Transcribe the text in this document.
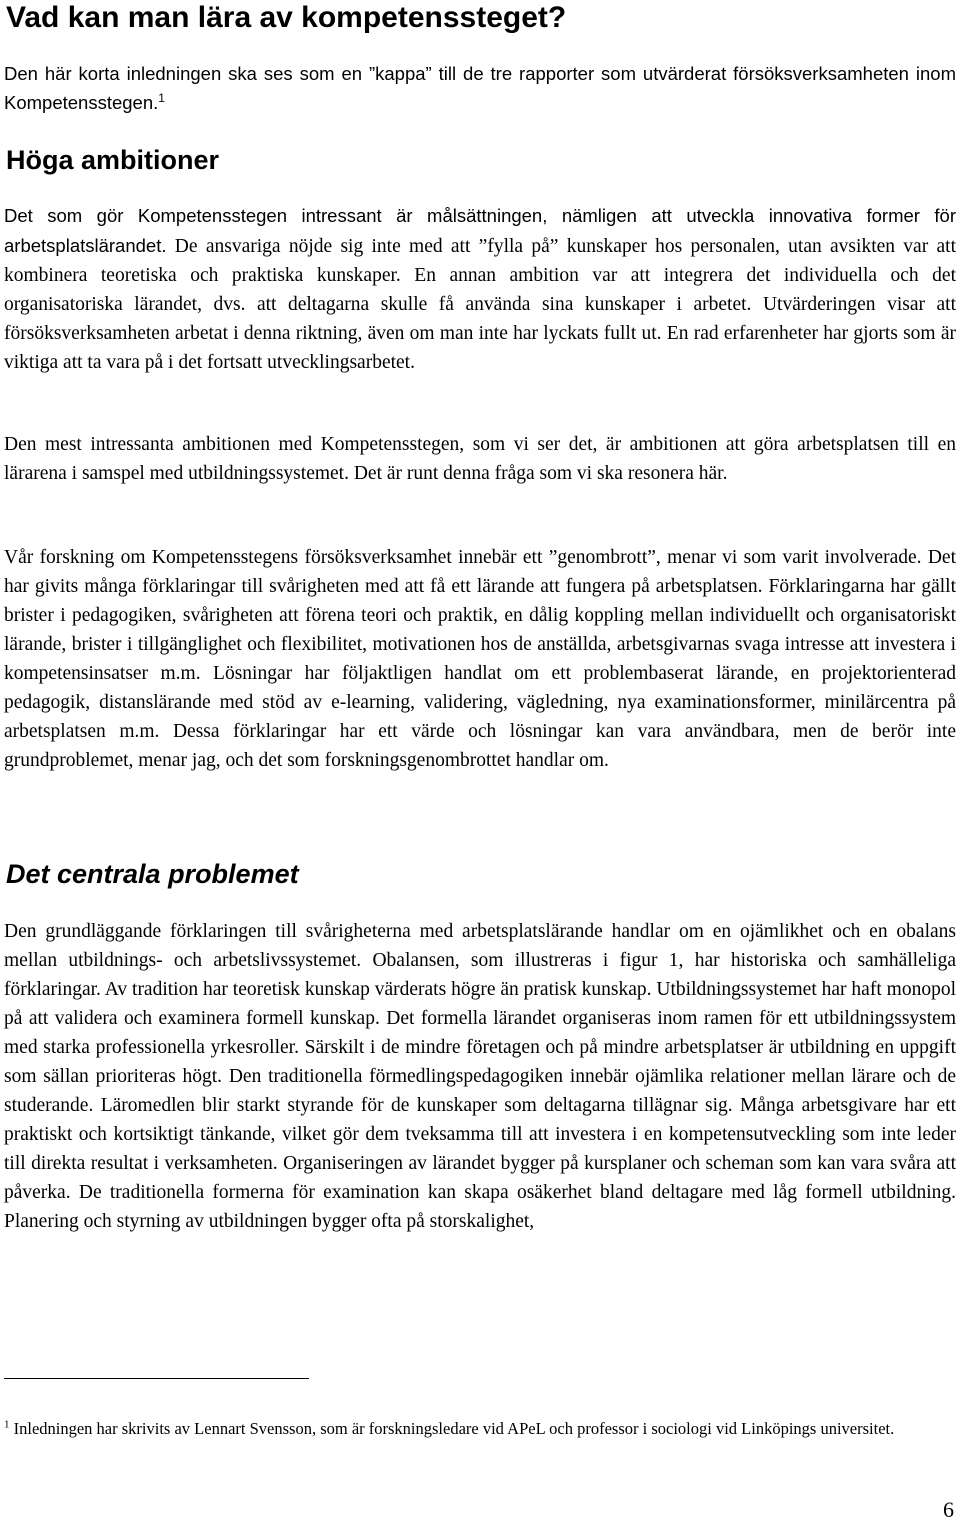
Vad kan man lära av kompetenssteget?

Den här korta inledningen ska ses som en ”kappa” till de tre rapporter som utvärderat försöksverksamheten inom Kompetensstegen.$^1$

Höga ambitioner

Det som gör Kompetensstegen intressant är målsättningen, nämligen att utveckla innovativa former för arbetsplatslärandet. De ansvariga nöjde sig inte med att ”fylla på” kunskaper hos personalen, utan avsikten var att kombinera teoretiska och praktiska kunskaper. En annan ambition var att integrera det individuella och det organisatoriska lärandet, dvs. att deltagarna skulle få använda sina kunskaper i arbetet. Utvärderingen visar att försöksverksamheten arbetat i denna riktning, även om man inte har lyckats fullt ut. En rad erfarenheter har gjorts som är viktiga att ta vara på i det fortsatt utvecklingsarbetet.

Den mest intressanta ambitionen med Kompetensstegen, som vi ser det, är ambitionen att göra arbetsplatsen till en lärarena i samspel med utbildningssystemet. Det är runt denna fråga som vi ska resonera här.

Vår forskning om Kompetensstegens försöksverksamhet innebär ett ”genombrott”, menar vi som varit involverade. Det har givits många förklaringar till svårigheten med att få ett lärande att fungera på arbetsplatsen. Förklaringarna har gällt brister i pedagogiken, svårigheten att förena teori och praktik, en dålig koppling mellan individuellt och organisatoriskt lärande, brister i tillgänglighet och flexibilitet, motivationen hos de anställda, arbetsgivarnas svaga intresse att investera i kompetensinsatser m.m. Lösningar har följaktligen handlat om ett problembaserat lärande, en projektorienterad pedagogik, distanslärande med stöd av e-learning, validering, vägledning, nya examinationsformer, minilärcentra på arbetsplatsen m.m. Dessa förklaringar har ett värde och lösningar kan vara användbara, men de berör inte grundproblemet, menar jag, och det som forskningsgenombrottet handlar om.

Det centrala problemet

Den grundläggande förklaringen till svårigheterna med arbetsplatslärande handlar om en ojämlikhet och en obalans mellan utbildnings- och arbetslivssystemet. Obalansen, som illustreras i figur 1, har historiska och samhälleliga förklaringar. Av tradition har teoretisk kunskap värderats högre än pratisk kunskap. Utbildningssystemet har haft monopol på att validera och examinera formell kunskap. Det formella lärandet organiseras inom ramen för ett utbildningssystem med starka professionella yrkesroller. Särskilt i de mindre företagen och på mindre arbetsplatser är utbildning en uppgift som sällan prioriteras högt. Den traditionella förmedlingspedagogiken innebär ojämlika relationer mellan lärare och de studerande. Läromedlen blir starkt styrande för de kunskaper som deltagarna tillägnar sig. Många arbetsgivare har ett praktiskt och kortsiktigt tänkande, vilket gör dem tveksamma till att investera i en kompetensutveckling som inte leder till direkta resultat i verksamheten. Organiseringen av lärandet bygger på kursplaner och scheman som kan vara svåra att påverka. De traditionella formerna för examination kan skapa osäkerhet bland deltagare med låg formell utbildning. Planering och styrning av utbildningen bygger ofta på storskalighet,

$^1$ Inledningen har skrivits av Lennart Svensson, som är forskningsledare vid APeL och professor i sociologi vid Linköpings universitet.

6
